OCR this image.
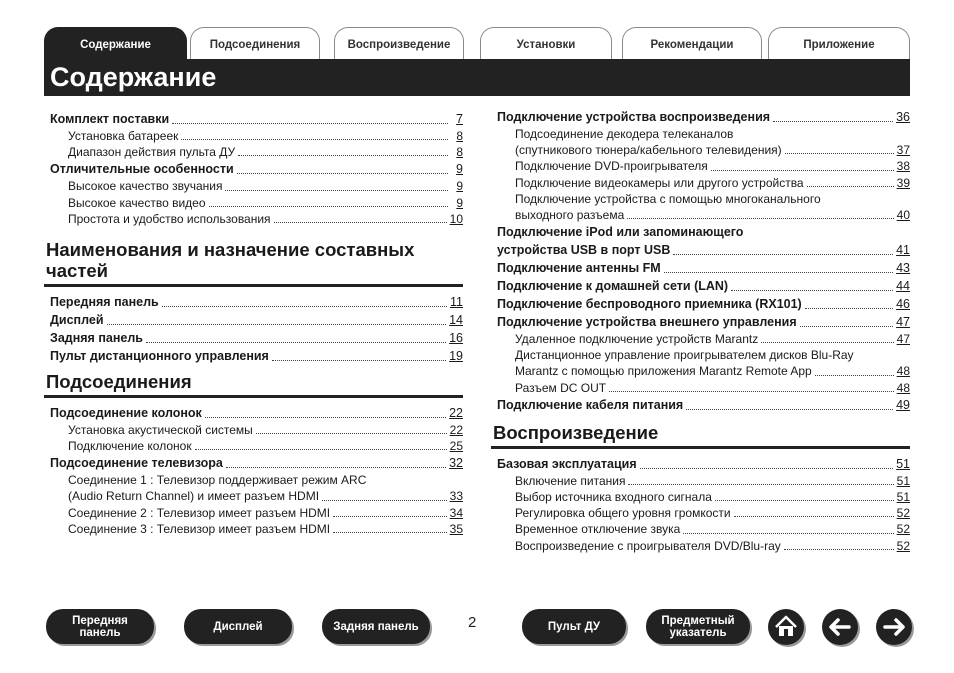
Содержание	Подсоединения	Воспроизведение	Установки	Рекомендации	Приложение
Содержание
Комплект поставки	7
Установка батареек	8
Диапазон действия пульта ДУ	8
Отличительные особенности	9
Высокое качество звучания	9
Высокое качество видео	9
Простота и удобство использования	10
Наименования и назначение составных частей
Передняя панель	11
Дисплей	14
Задняя панель	16
Пульт дистанционного управления	19
Подсоединения
Подсоединение колонок	22
Установка акустической системы	22
Подключение колонок	25
Подсоединение телевизора	32
Соединение 1 : Телевизор поддерживает режим ARC
(Audio Return Channel) и имеет разъем HDMI	33
Соединение 2 : Телевизор имеет разъем HDMI	34
Соединение 3 : Телевизор имеет разъем HDMI	35
Подключение устройства воспроизведения	36
Подсоединение декодера телеканалов
(спутникового тюнера/кабельного телевидения)	37
Подключение DVD-проигрывателя	38
Подключение видеокамеры или другого устройства	39
Подключение устройства с помощью многоканального
выходного разъема	40
Подключение iPod или запоминающего
устройства USB в порт USB	41
Подключение антенны FM	43
Подключение к домашней сети (LAN)	44
Подключение беспроводного приемника (RX101)	46
Подключение устройства внешнего управления	47
Удаленное подключение устройств Marantz	47
Дистанционное управление проигрывателем дисков Blu-Ray
Marantz с помощью приложения Marantz Remote App	48
Разъем DC OUT	48
Подключение кабеля питания	49
Воспроизведение
Базовая эксплуатация	51
Включение питания	51
Выбор источника входного сигнала	51
Регулировка общего уровня громкости	52
Временное отключение звука	52
Воспроизведение с проигрывателя DVD/Blu-ray	52
Передняя
панель	Дисплей	Задняя панель	2	Пульт ДУ	Предметный
указатель
